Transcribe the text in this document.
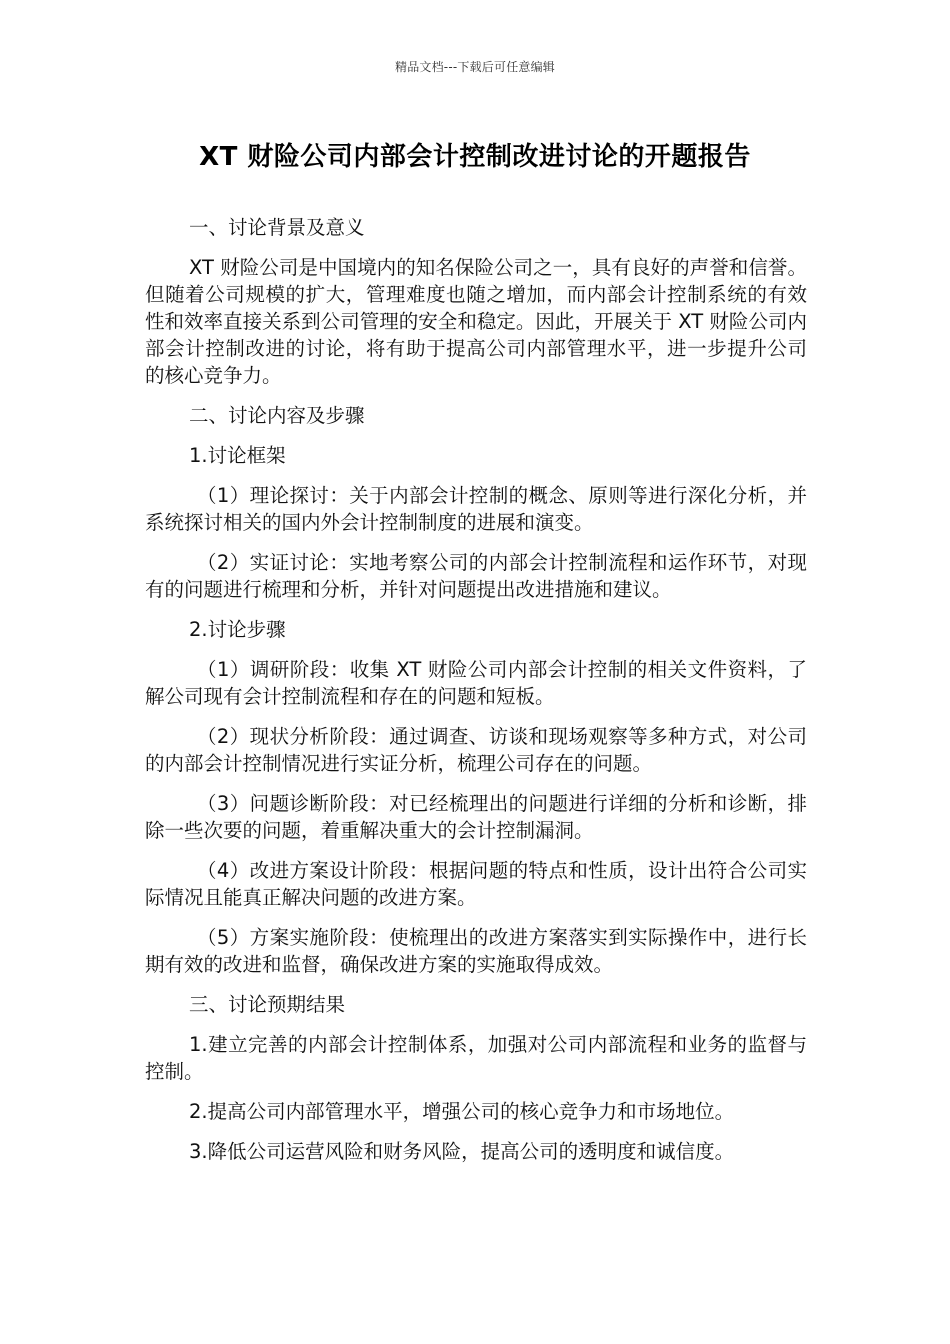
精品文档---下载后可任意编辑
XT 财险公司内部会计控制改进讨论的开题报告

一、讨论背景及意义

XT 财险公司是中国境内的知名保险公司之一，具有良好的声誉和信誉。但随着公司规模的扩大，管理难度也随之增加，而内部会计控制系统的有效性和效率直接关系到公司管理的安全和稳定。因此，开展关于 XT 财险公司内部会计控制改进的讨论，将有助于提高公司内部管理水平，进一步提升公司的核心竞争力。

二、讨论内容及步骤

1.讨论框架

（1）理论探讨：关于内部会计控制的概念、原则等进行深化分析，并系统探讨相关的国内外会计控制制度的进展和演变。

（2）实证讨论：实地考察公司的内部会计控制流程和运作环节，对现有的问题进行梳理和分析，并针对问题提出改进措施和建议。

2.讨论步骤

（1）调研阶段：收集 XT 财险公司内部会计控制的相关文件资料，了解公司现有会计控制流程和存在的问题和短板。

（2）现状分析阶段：通过调查、访谈和现场观察等多种方式，对公司的内部会计控制情况进行实证分析，梳理公司存在的问题。

（3）问题诊断阶段：对已经梳理出的问题进行详细的分析和诊断，排除一些次要的问题，着重解决重大的会计控制漏洞。

（4）改进方案设计阶段：根据问题的特点和性质，设计出符合公司实际情况且能真正解决问题的改进方案。

（5）方案实施阶段：使梳理出的改进方案落实到实际操作中，进行长期有效的改进和监督，确保改进方案的实施取得成效。

三、讨论预期结果

1.建立完善的内部会计控制体系，加强对公司内部流程和业务的监督与控制。

2.提高公司内部管理水平，增强公司的核心竞争力和市场地位。

3.降低公司运营风险和财务风险，提高公司的透明度和诚信度。
